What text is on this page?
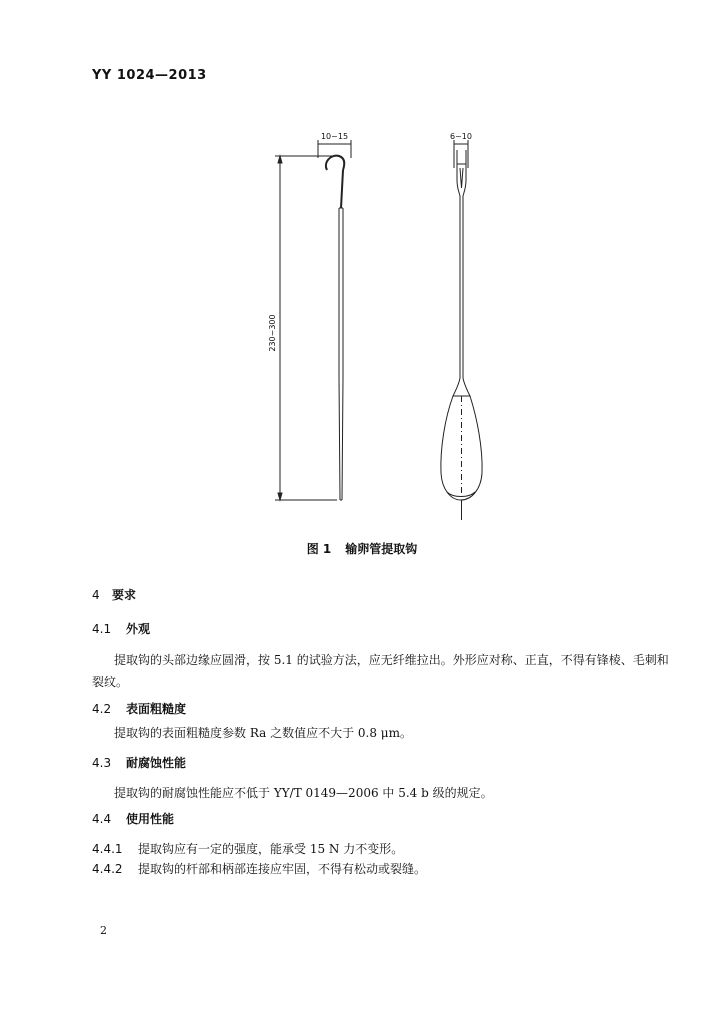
YY 1024—2013
10~15	6~10
230~300
图 1 输卵管提取钩
4 要求
4.1 外观
提取钩的头部边缘应圆滑，按 5.1 的试验方法，应无纤维拉出。外形应对称、正直，不得有锋棱、毛刺和裂纹。
4.2 表面粗糙度
提取钩的表面粗糙度参数 Ra 之数值应不大于 0.8 μm。
4.3 耐腐蚀性能
提取钩的耐腐蚀性能应不低于 YY/T 0149—2006 中 5.4 b 级的规定。
4.4 使用性能
4.4.1 提取钩应有一定的强度，能承受 15 N 力不变形。
4.4.2 提取钩的杆部和柄部连接应牢固，不得有松动或裂缝。
2
